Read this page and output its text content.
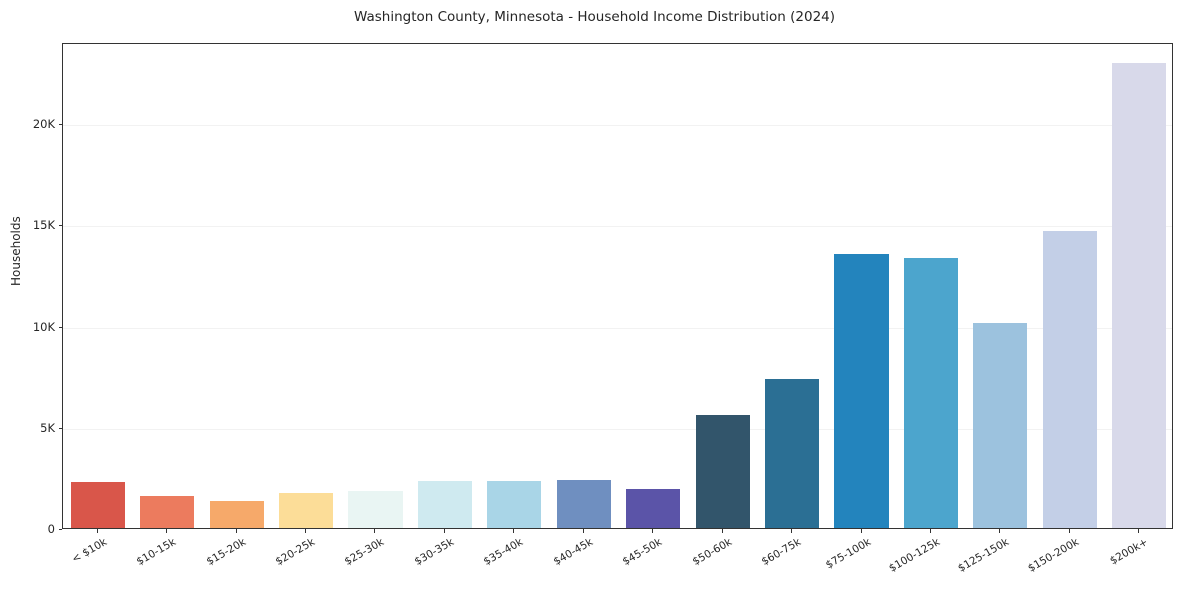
Washington County, Minnesota - Household Income Distribution (2024)
Households
0
5K
10K
15K
20K
< $10k	$10-15k	$15-20k	$20-25k	$25-30k	$30-35k	$35-40k	$40-45k	$45-50k	$50-60k	$60-75k	$75-100k	$100-125k	$125-150k	$150-200k	$200k+
